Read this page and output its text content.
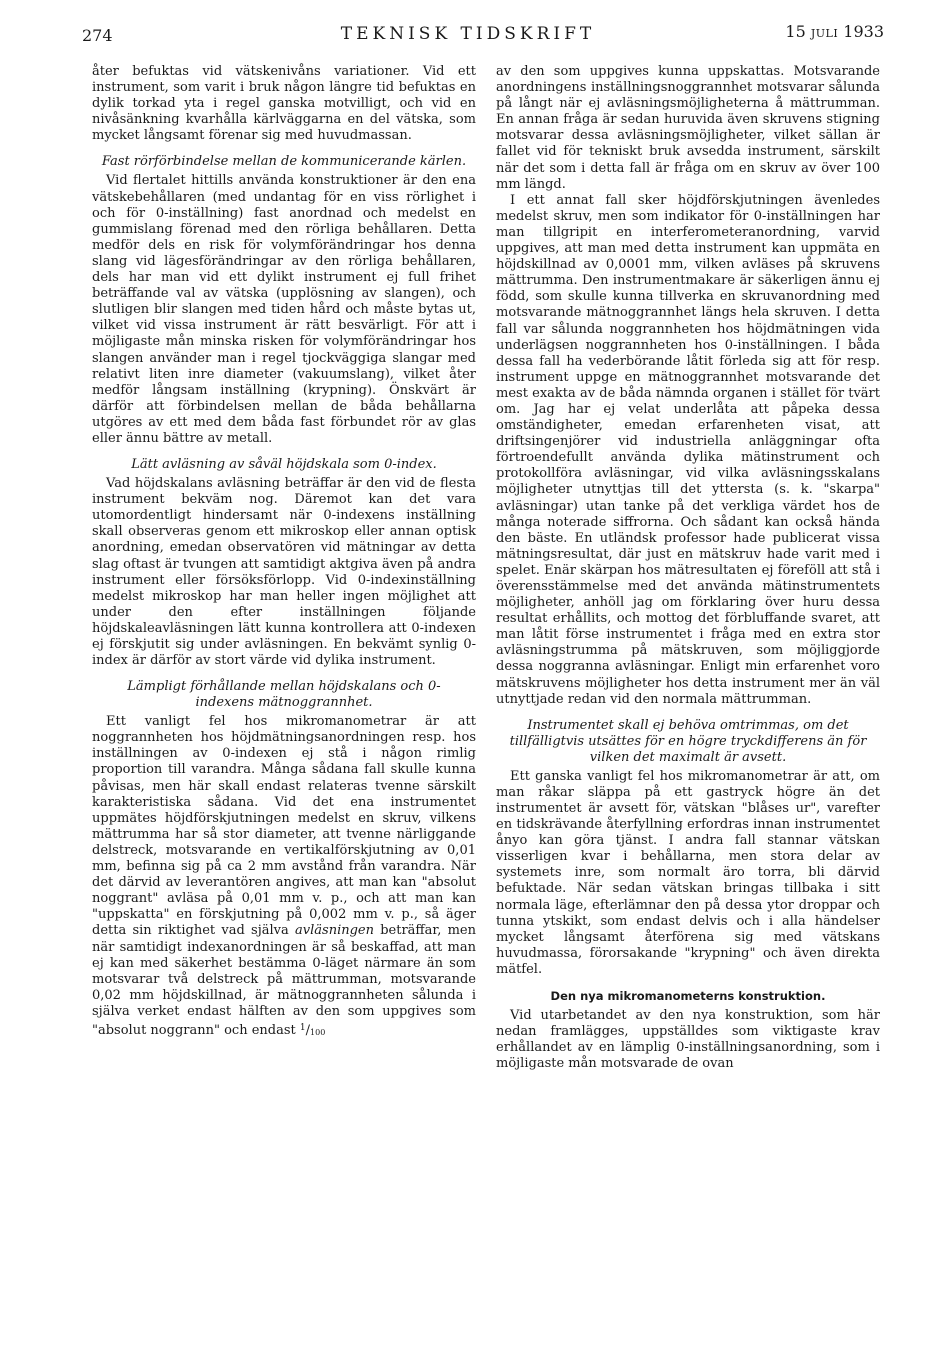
274	TEKNISK TIDSKRIFT	15 JULI 1933

åter befuktas vid vätskenivåns variationer. Vid ett instrument, som varit i bruk någon längre tid befuktas en dylik torkad yta i regel ganska motvilligt, och vid en nivåsänkning kvarhålla kärlväggarna en del vätska, som mycket långsamt förenar sig med huvudmassan.

Fast rörförbindelse mellan de kommunicerande kärlen.

Vid flertalet hittills använda konstruktioner är den ena vätskebehållaren (med undantag för en viss rörlighet i och för 0-inställning) fast anordnad och medelst en gummislang förenad med den rörliga behållaren. Detta medför dels en risk för volymförändringar hos denna slang vid lägesförändringar av den rörliga behållaren, dels har man vid ett dylikt instrument ej full frihet beträffande val av vätska (upplösning av slangen), och slutligen blir slangen med tiden hård och måste bytas ut, vilket vid vissa instrument är rätt besvärligt. För att i möjligaste mån minska risken för volymförändringar hos slangen använder man i regel tjockväggiga slangar med relativt liten inre diameter (vakuumslang), vilket åter medför långsam inställning (krypning). Önskvärt är därför att förbindelsen mellan de båda behållarna utgöres av ett med dem båda fast förbundet rör av glas eller ännu bättre av metall.

Lätt avläsning av såväl höjdskala som 0-index.

Vad höjdskalans avläsning beträffar är den vid de flesta instrument bekväm nog. Däremot kan det vara utomordentligt hindersamt när 0-indexens inställning skall observeras genom ett mikroskop eller annan optisk anordning, emedan observatören vid mätningar av detta slag oftast är tvungen att samtidigt aktgiva även på andra instrument eller försöksförlopp. Vid 0-indexinställning medelst mikroskop har man heller ingen möjlighet att under den efter inställningen följande höjdskaleavläsningen lätt kunna kontrollera att 0-indexen ej förskjutit sig under avläsningen. En bekvämt synlig 0-index är därför av stort värde vid dylika instrument.

Lämpligt förhållande mellan höjdskalans och 0-indexens mätnoggrannhet.

Ett vanligt fel hos mikromanometrar är att noggrannheten hos höjdmätningsanordningen resp. hos inställningen av 0-indexen ej stå i någon rimlig proportion till varandra. Många sådana fall skulle kunna påvisas, men här skall endast relateras tvenne särskilt karakteristiska sådana. Vid det ena instrumentet uppmätes höjdförskjutningen medelst en skruv, vilkens mättrumma har så stor diameter, att tvenne närliggande delstreck, motsvarande en vertikalförskjutning av 0,01 mm, befinna sig på ca 2 mm avstånd från varandra. När det därvid av leverantören angives, att man kan "absolut noggrant" avläsa på 0,01 mm v. p., och att man kan "uppskatta" en förskjutning på 0,002 mm v. p., så äger detta sin riktighet vad själva avläsningen beträffar, men när samtidigt indexanordningen är så beskaffad, att man ej kan med säkerhet bestämma 0-läget närmare än som motsvarar två delstreck på mättrumman, motsvarande 0,02 mm höjdskillnad, är mätnoggrannheten sålunda i själva verket endast hälften av den som uppgives som "absolut noggrann" och endast $^1$/100

av den som uppgives kunna uppskattas. Motsvarande anordningens inställningsnoggrannhet motsvarar sålunda på långt när ej avläsningsmöjligheterna å mättrumman. En annan fråga är sedan huruvida även skruvens stigning motsvarar dessa avläsningsmöjligheter, vilket sällan är fallet vid för tekniskt bruk avsedda instrument, särskilt när det som i detta fall är fråga om en skruv av över 100 mm längd.

I ett annat fall sker höjdförskjutningen ävenledes medelst skruv, men som indikator för 0-inställningen har man tillgripit en interferometeranordning, varvid uppgives, att man med detta instrument kan uppmäta en höjdskillnad av 0,0001 mm, vilken avläses på skruvens mättrumma. Den instrumentmakare är säkerligen ännu ej född, som skulle kunna tillverka en skruvanordning med motsvarande mätnoggrannhet längs hela skruven. I detta fall var sålunda noggrannheten hos höjdmätningen vida underlägsen noggrannheten hos 0-inställningen. I båda dessa fall ha vederbörande låtit förleda sig att för resp. instrument uppge en mätnoggrannhet motsvarande det mest exakta av de båda nämnda organen i stället för tvärt om. Jag har ej velat underlåta att påpeka dessa omständigheter, emedan erfarenheten visat, att driftsingenjörer vid industriella anläggningar ofta förtroendefullt använda dylika mätinstrument och protokollföra avläsningar, vid vilka avläsningsskalans möjligheter utnyttjas till det yttersta (s. k. "skarpa" avläsningar) utan tanke på det verkliga värdet hos de många noterade siffrorna. Och sådant kan också hända den bäste. En utländsk professor hade publicerat vissa mätningsresultat, där just en mätskruv hade varit med i spelet. Enär skärpan hos mätresultaten ej föreföll att stå i överensstämmelse med det använda mätinstrumentets möjligheter, anhöll jag om förklaring över huru dessa resultat erhållits, och mottog det förbluffande svaret, att man låtit förse instrumentet i fråga med en extra stor avläsningstrumma på mätskruven, som möjliggjorde dessa noggranna avläsningar. Enligt min erfarenhet voro mätskruvens möjligheter hos detta instrument mer än väl utnyttjade redan vid den normala mättrumman.

Instrumentet skall ej behöva omtrimmas, om det tillfälligtvis utsättes för en högre tryckdifferens än för vilken det maximalt är avsett.

Ett ganska vanligt fel hos mikromanometrar är att, om man råkar släppa på ett gastryck högre än det instrumentet är avsett för, vätskan "blåses ur", varefter en tidskrävande återfyllning erfordras innan instrumentet ånyo kan göra tjänst. I andra fall stannar vätskan visserligen kvar i behållarna, men stora delar av systemets inre, som normalt äro torra, bli därvid befuktade. När sedan vätskan bringas tillbaka i sitt normala läge, efterlämnar den på dessa ytor droppar och tunna ytskikt, som endast delvis och i alla händelser mycket långsamt återförena sig med vätskans huvudmassa, förorsakande "krypning" och även direkta mätfel.

Den nya mikromanometerns konstruktion.

Vid utarbetandet av den nya konstruktion, som här nedan framlägges, uppställdes som viktigaste krav erhållandet av en lämplig 0-inställningsanordning, som i möjligaste mån motsvarade de ovan
